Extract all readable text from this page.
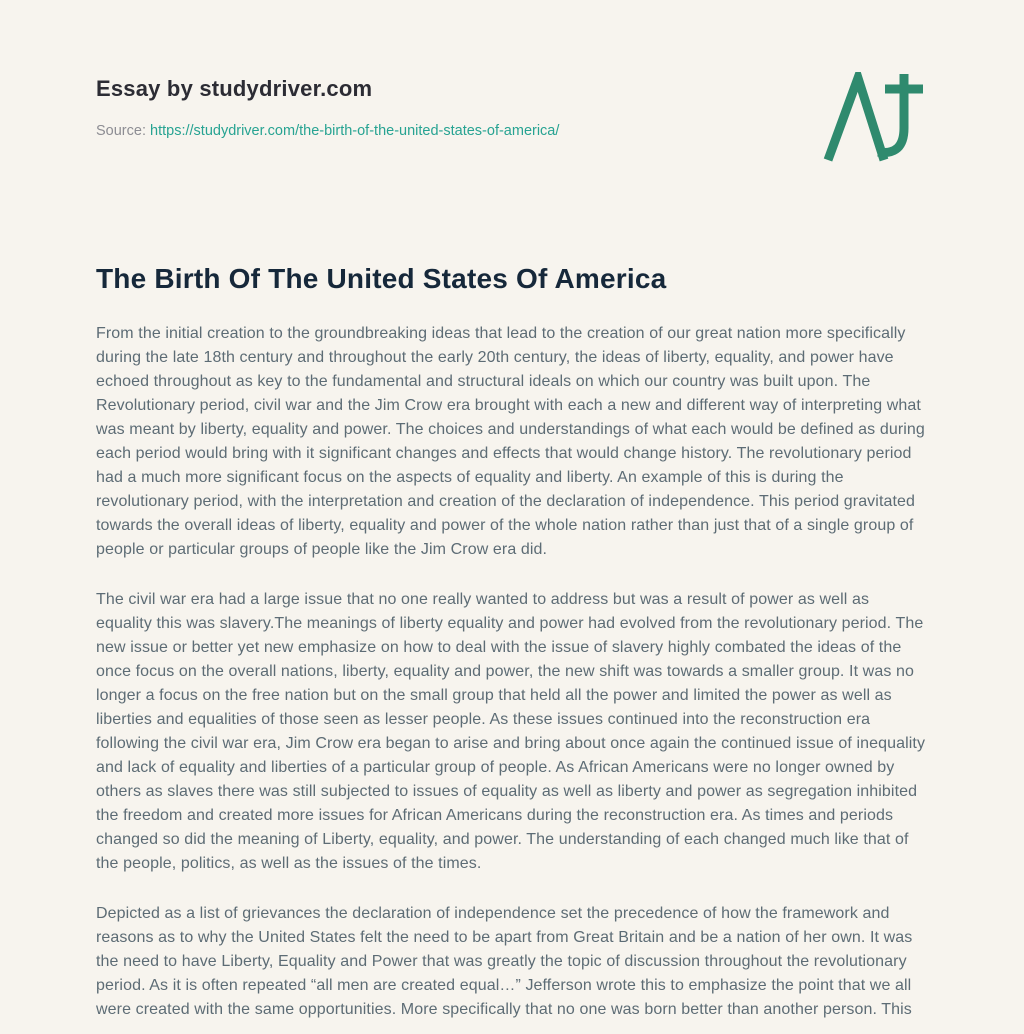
Essay by studydriver.com
Source: https://studydriver.com/the-birth-of-the-united-states-of-america/
The Birth Of The United States Of America

From the initial creation to the groundbreaking ideas that lead to the creation of our great nation more specifically during the late 18th century and throughout the early 20th century, the ideas of liberty, equality, and power have echoed throughout as key to the fundamental and structural ideals on which our country was built upon. The Revolutionary period, civil war and the Jim Crow era brought with each a new and different way of interpreting what was meant by liberty, equality and power. The choices and understandings of what each would be defined as during each period would bring with it significant changes and effects that would change history. The revolutionary period had a much more significant focus on the aspects of equality and liberty. An example of this is during the revolutionary period, with the interpretation and creation of the declaration of independence. This period gravitated towards the overall ideas of liberty, equality and power of the whole nation rather than just that of a single group of people or particular groups of people like the Jim Crow era did.

The civil war era had a large issue that no one really wanted to address but was a result of power as well as equality this was slavery.The meanings of liberty equality and power had evolved from the revolutionary period. The new issue or better yet new emphasize on how to deal with the issue of slavery highly combated the ideas of the once focus on the overall nations, liberty, equality and power, the new shift was towards a smaller group. It was no longer a focus on the free nation but on the small group that held all the power and limited the power as well as liberties and equalities of those seen as lesser people. As these issues continued into the reconstruction era following the civil war era, Jim Crow era began to arise and bring about once again the continued issue of inequality and lack of equality and liberties of a particular group of people. As African Americans were no longer owned by others as slaves there was still subjected to issues of equality as well as liberty and power as segregation inhibited the freedom and created more issues for African Americans during the reconstruction era. As times and periods changed so did the meaning of Liberty, equality, and power. The understanding of each changed much like that of the people, politics, as well as the issues of the times.

Depicted as a list of grievances the declaration of independence set the precedence of how the framework and reasons as to why the United States felt the need to be apart from Great Britain and be a nation of her own. It was the need to have Liberty, Equality and Power that was greatly the topic of discussion throughout the revolutionary period. As it is often repeated “all men are created equal…” Jefferson wrote this to emphasize the point that we all were created with the same opportunities. More specifically that no one was born better than another person. This
